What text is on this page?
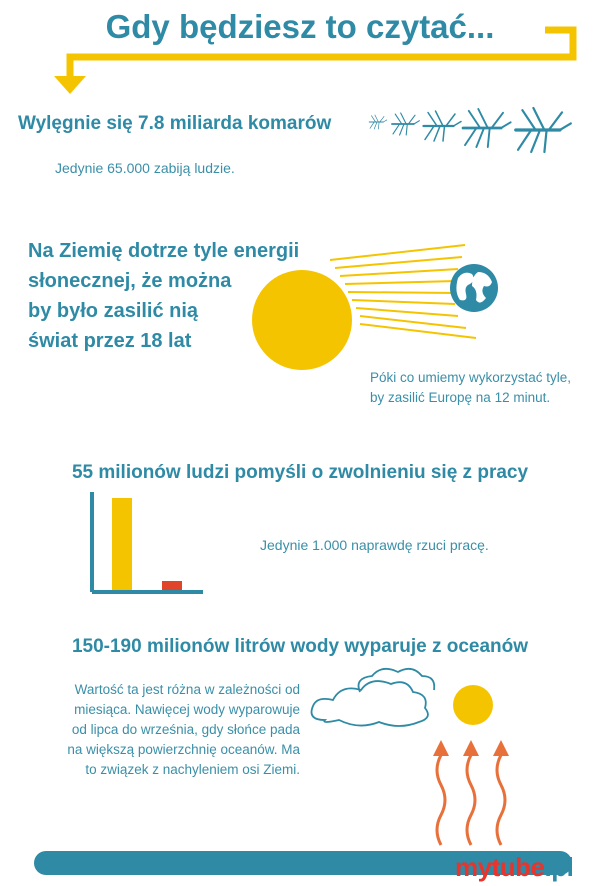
Gdy będziesz to czytać...
Wylęgnie się 7.8 miliarda komarów
Jedynie 65.000 zabiją ludzie.
Na Ziemię dotrze tyle energii
słonecznej, że można
by było zasilić nią
świat przez 18 lat
Póki co umiemy wykorzystać tyle,
by zasilić Europę na 12 minut.
55 milionów ludzi pomyśli o zwolnieniu się z pracy
Jedynie 1.000 naprawdę rzuci pracę.
150-190 milionów litrów wody wyparuje z oceanów
Wartość ta jest różna w zależności od
miesiąca. Nawięcej wody wyparowuje
od lipca do września, gdy słońce pada
na większą powierzchnię oceanów. Ma
to związek z nachyleniem osi Ziemi.
mytube.pl
